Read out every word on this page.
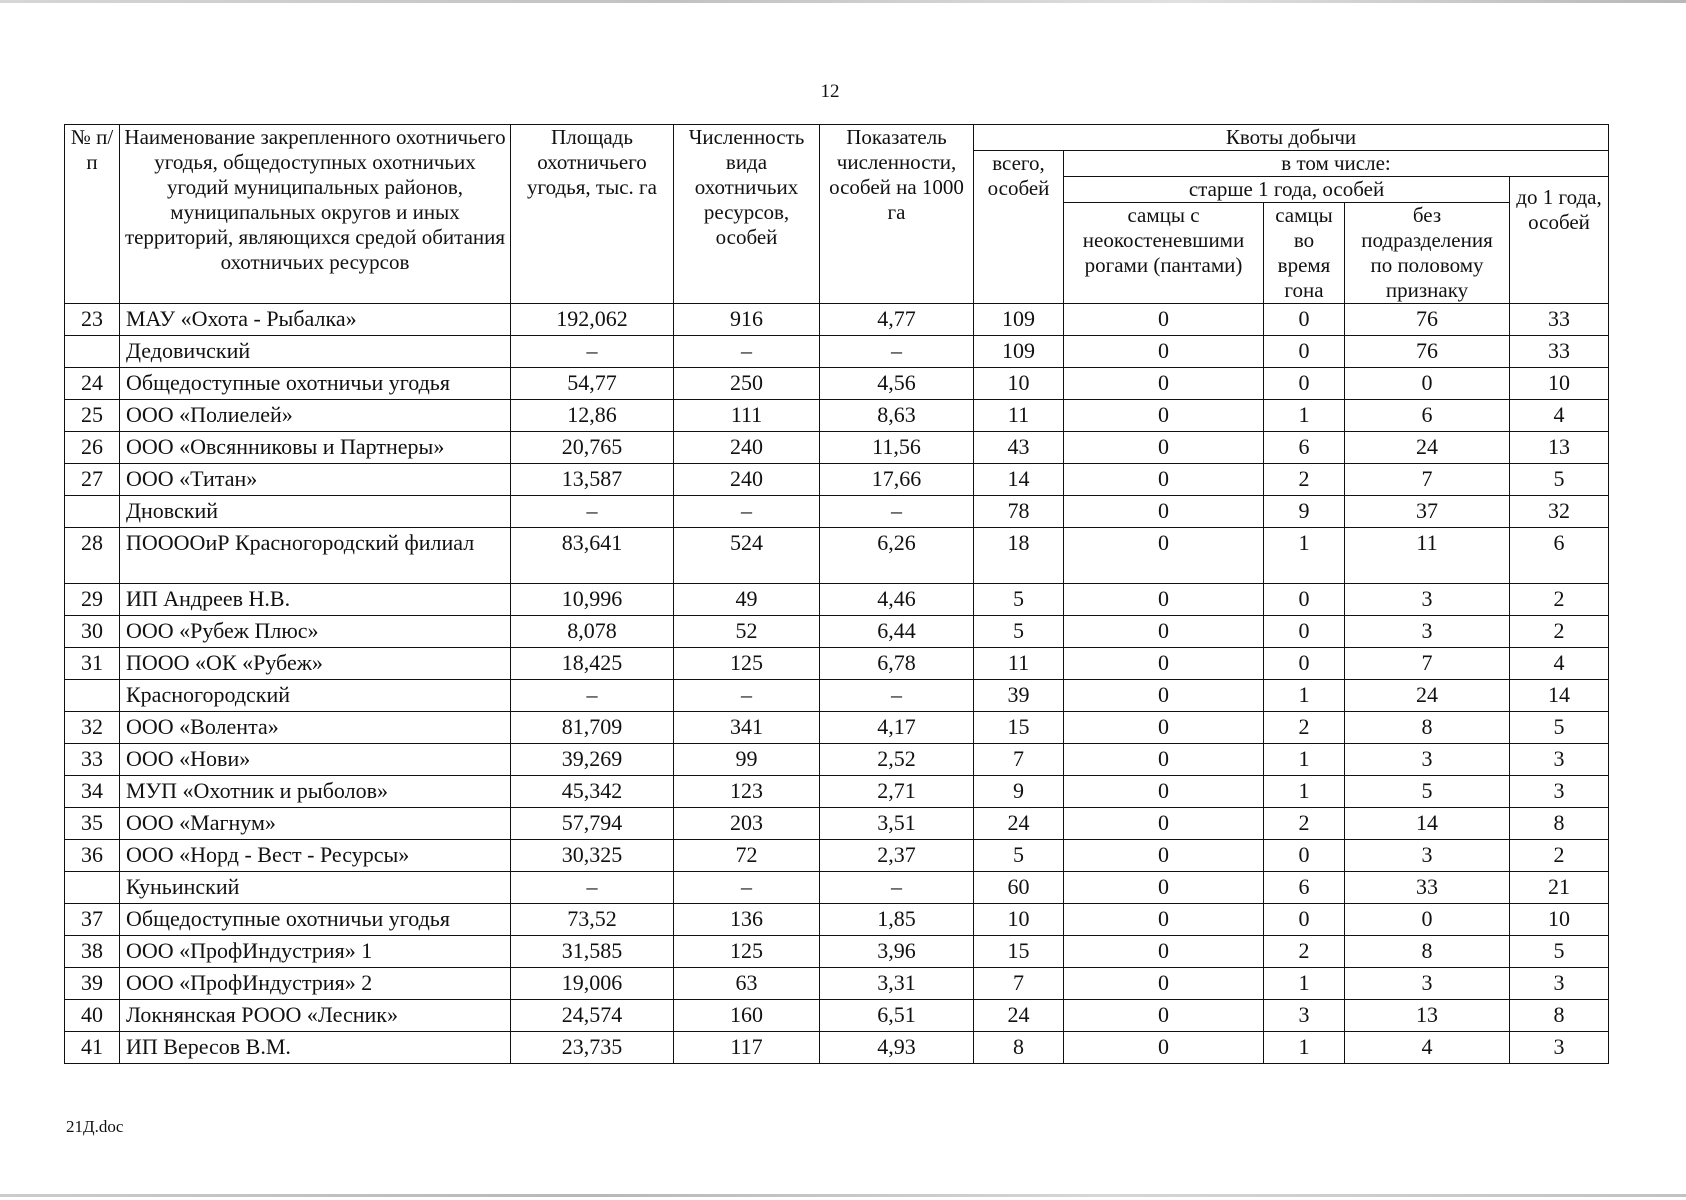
12
№ п/п	Наименование закрепленного охотничьего угодья, общедоступных охотничьих угодий муниципальных районов, муниципальных округов и иных территорий, являющихся средой обитания охотничьих ресурсов	Площадь охотничьего угодья, тыс. га	Численность вида охотничьих ресурсов, особей	Показатель численности, особей на 1000 га	Квоты добычи				
					всего, особей	в том числе:			
						старше 1 года, особей			до 1 года, особей
						самцы с неокостеневшими рогами (пантами)	самцы во время гона	без подразделения по половому признаку	
23	МАУ «Охота - Рыбалка»	192,062	916	4,77	109	0	0	76	33
	Дедовичский	–	–	–	109	0	0	76	33
24	Общедоступные охотничьи угодья	54,77	250	4,56	10	0	0	0	10
25	ООО «Полиелей»	12,86	111	8,63	11	0	1	6	4
26	ООО «Овсянниковы и Партнеры»	20,765	240	11,56	43	0	6	24	13
27	ООО «Титан»	13,587	240	17,66	14	0	2	7	5
	Дновский	–	–	–	78	0	9	37	32
28	ПООООиР Красногородский филиал	83,641	524	6,26	18	0	1	11	6
29	ИП Андреев Н.В.	10,996	49	4,46	5	0	0	3	2
30	ООО «Рубеж Плюс»	8,078	52	6,44	5	0	0	3	2
31	ПООО «ОК «Рубеж»	18,425	125	6,78	11	0	0	7	4
	Красногородский	–	–	–	39	0	1	24	14
32	ООО «Волента»	81,709	341	4,17	15	0	2	8	5
33	ООО «Нови»	39,269	99	2,52	7	0	1	3	3
34	МУП «Охотник и рыболов»	45,342	123	2,71	9	0	1	5	3
35	ООО «Магнум»	57,794	203	3,51	24	0	2	14	8
36	ООО «Норд - Вест - Ресурсы»	30,325	72	2,37	5	0	0	3	2
	Куньинский	–	–	–	60	0	6	33	21
37	Общедоступные охотничьи угодья	73,52	136	1,85	10	0	0	0	10
38	ООО «ПрофИндустрия» 1	31,585	125	3,96	15	0	2	8	5
39	ООО «ПрофИндустрия» 2	19,006	63	3,31	7	0	1	3	3
40	Локнянская РООО «Лесник»	24,574	160	6,51	24	0	3	13	8
41	ИП Вересов В.М.	23,735	117	4,93	8	0	1	4	3
21Д.doc
